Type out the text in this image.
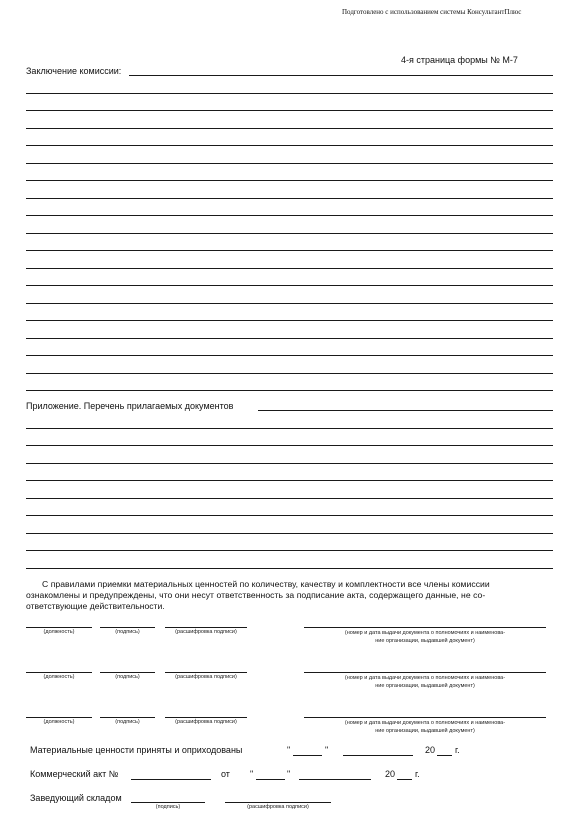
Подготовлено с использованием системы КонсультантПлюс
4-я страница формы № М-7
Заключение комиссии:
Приложение. Перечень прилагаемых документов
С правилами приемки материальных ценностей по количеству, качеству и комплектности все члены комиссии
ознакомлены и предупреждены, что они несут ответственность за подписание акта, содержащего данные, не со-
ответствующие действительности.
(должность)	(подпись)	(расшифровка подписи)	(номер и дата выдачи документа о полномочиях и наименова-
ние организации, выдавшей документ)
(должность)	(подпись)	(расшифровка подписи)	(номер и дата выдачи документа о полномочиях и наименова-
ние организации, выдавшей документ)
(должность)	(подпись)	(расшифровка подписи)	(номер и дата выдачи документа о полномочиях и наименова-
ние организации, выдавшей документ)
Материальные ценности приняты и оприходованы	"	"	20 г.
Коммерческий акт №	от "	"	20 г.
Заведующий складом
(подпись)	(расшифровка подписи)
